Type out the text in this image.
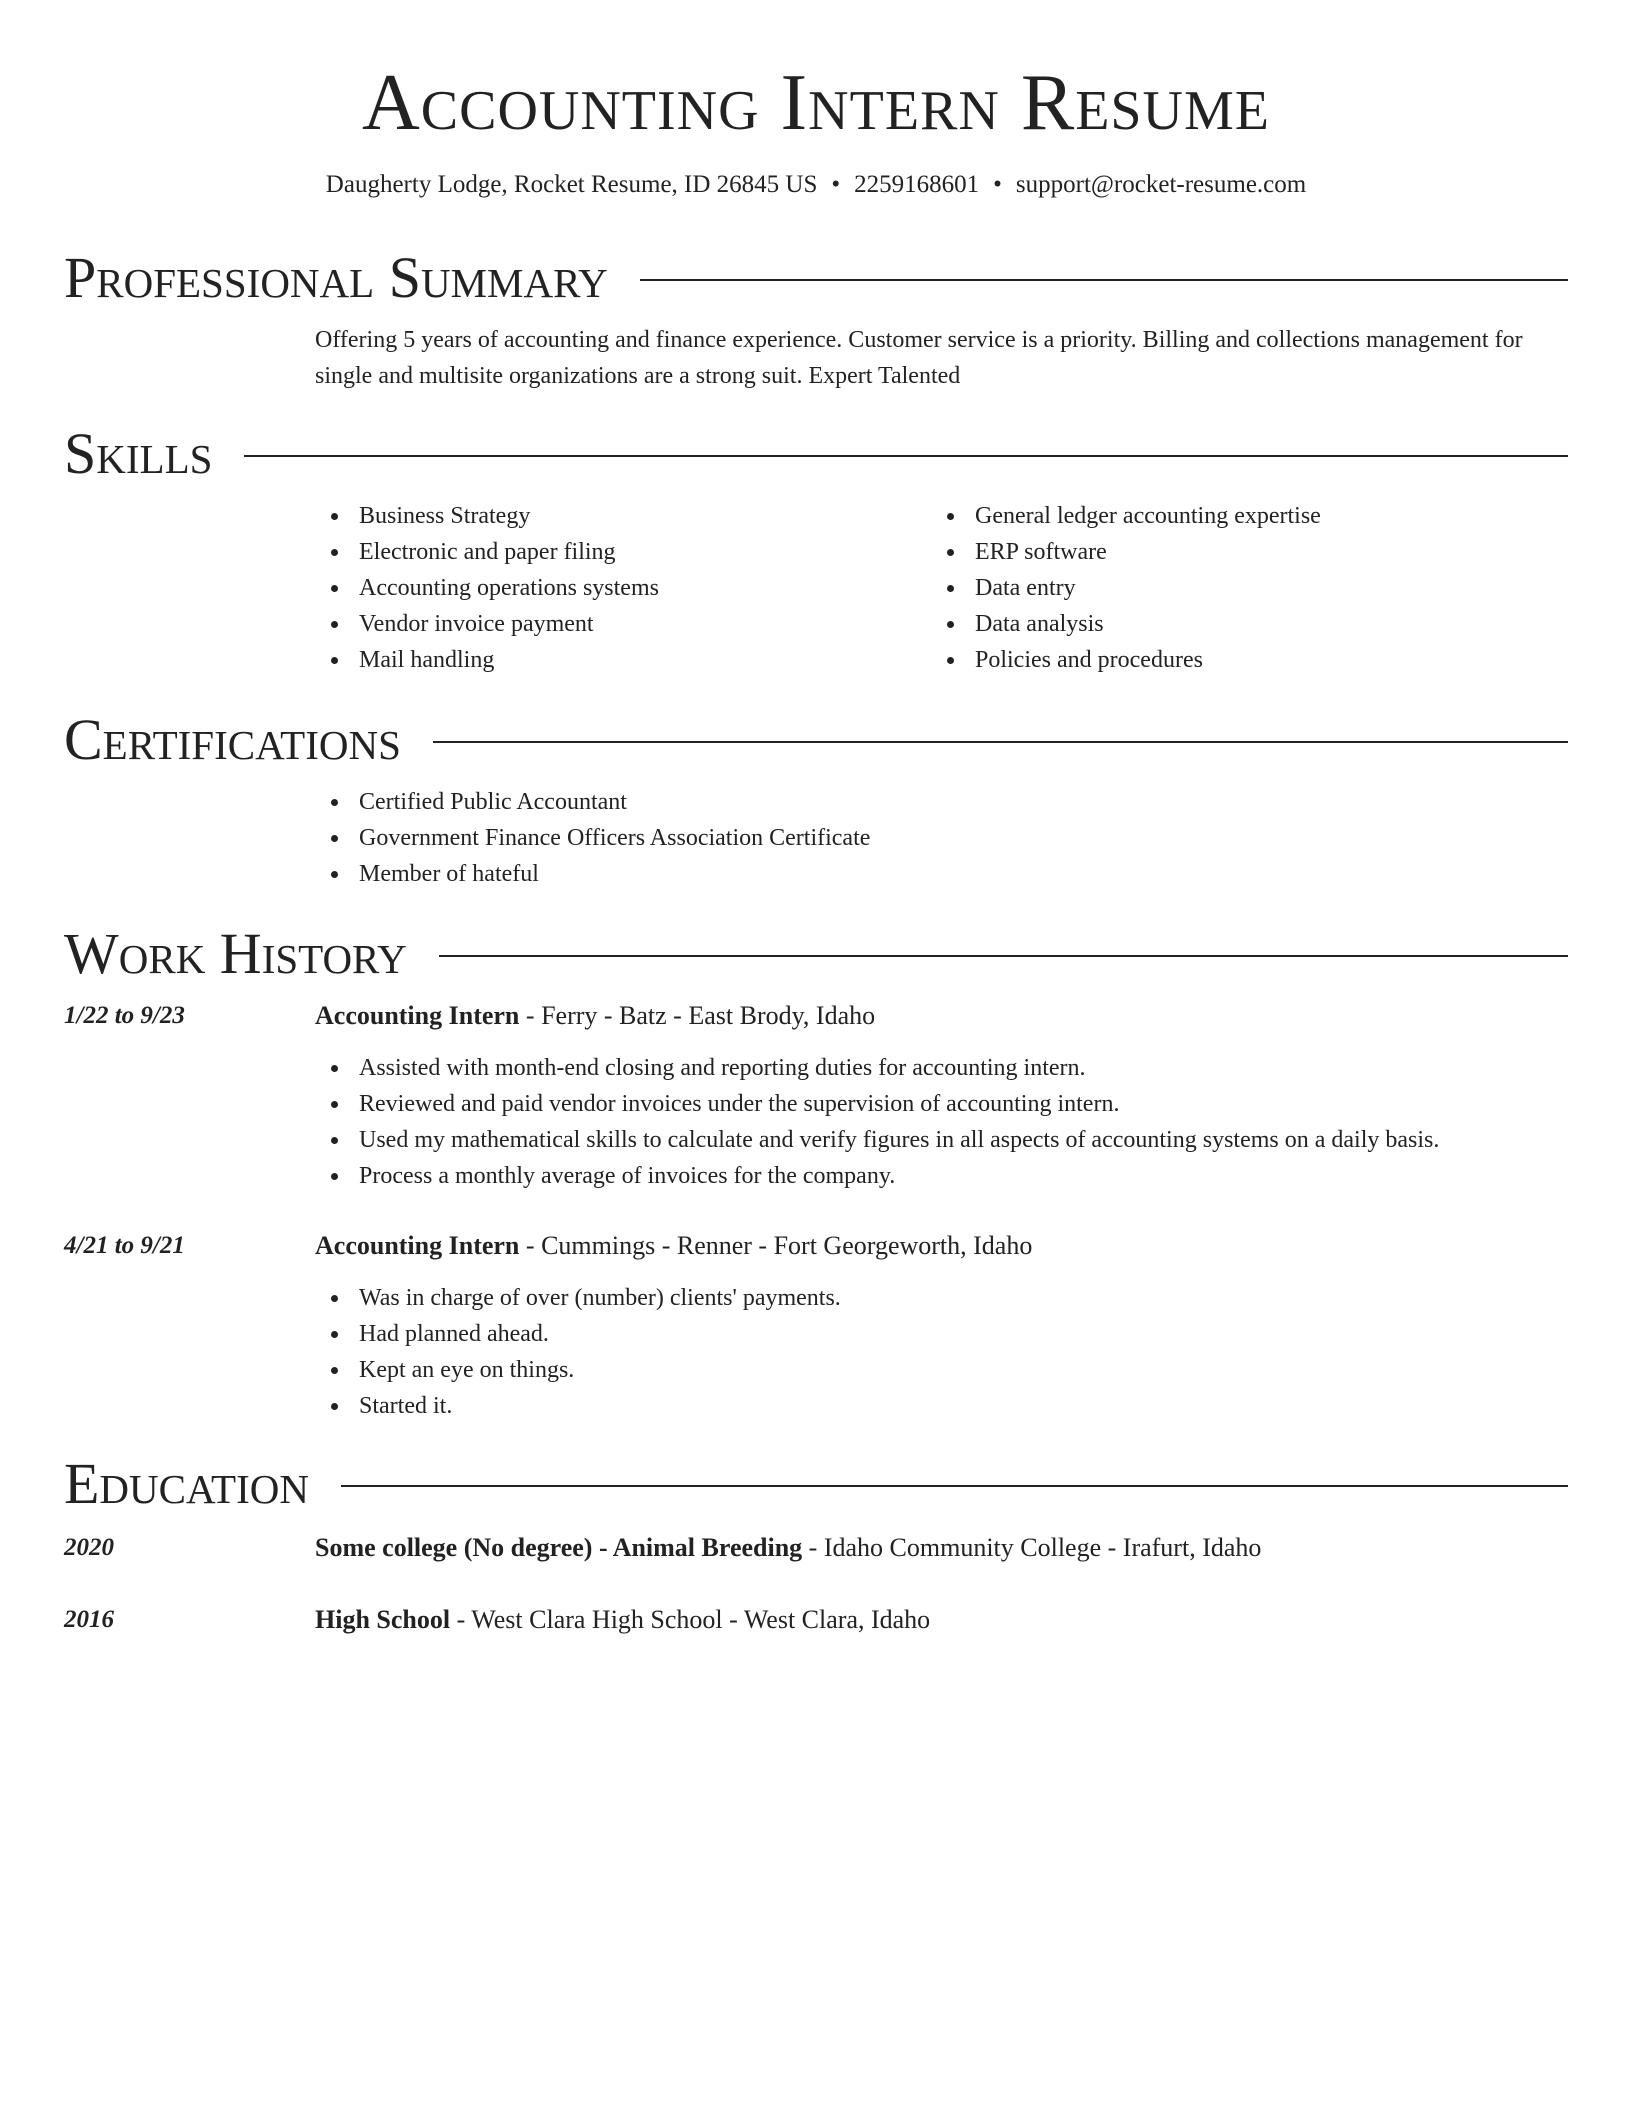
Accounting Intern Resume
Daugherty Lodge, Rocket Resume, ID 26845 US • 2259168601 • support@rocket-resume.com
Professional Summary
Offering 5 years of accounting and finance experience. Customer service is a priority. Billing and collections management for single and multisite organizations are a strong suit. Expert Talented
Skills
Business Strategy
Electronic and paper filing
Accounting operations systems
Vendor invoice payment
Mail handling
General ledger accounting expertise
ERP software
Data entry
Data analysis
Policies and procedures
Certifications
Certified Public Accountant
Government Finance Officers Association Certificate
Member of hateful
Work History
1/22 to 9/23	Accounting Intern - Ferry - Batz - East Brody, Idaho
Assisted with month-end closing and reporting duties for accounting intern.
Reviewed and paid vendor invoices under the supervision of accounting intern.
Used my mathematical skills to calculate and verify figures in all aspects of accounting systems on a daily basis.
Process a monthly average of invoices for the company.
4/21 to 9/21	Accounting Intern - Cummings - Renner - Fort Georgeworth, Idaho
Was in charge of over (number) clients' payments.
Had planned ahead.
Kept an eye on things.
Started it.
Education
2020	Some college (No degree) - Animal Breeding - Idaho Community College - Irafurt, Idaho
2016	High School - West Clara High School - West Clara, Idaho
